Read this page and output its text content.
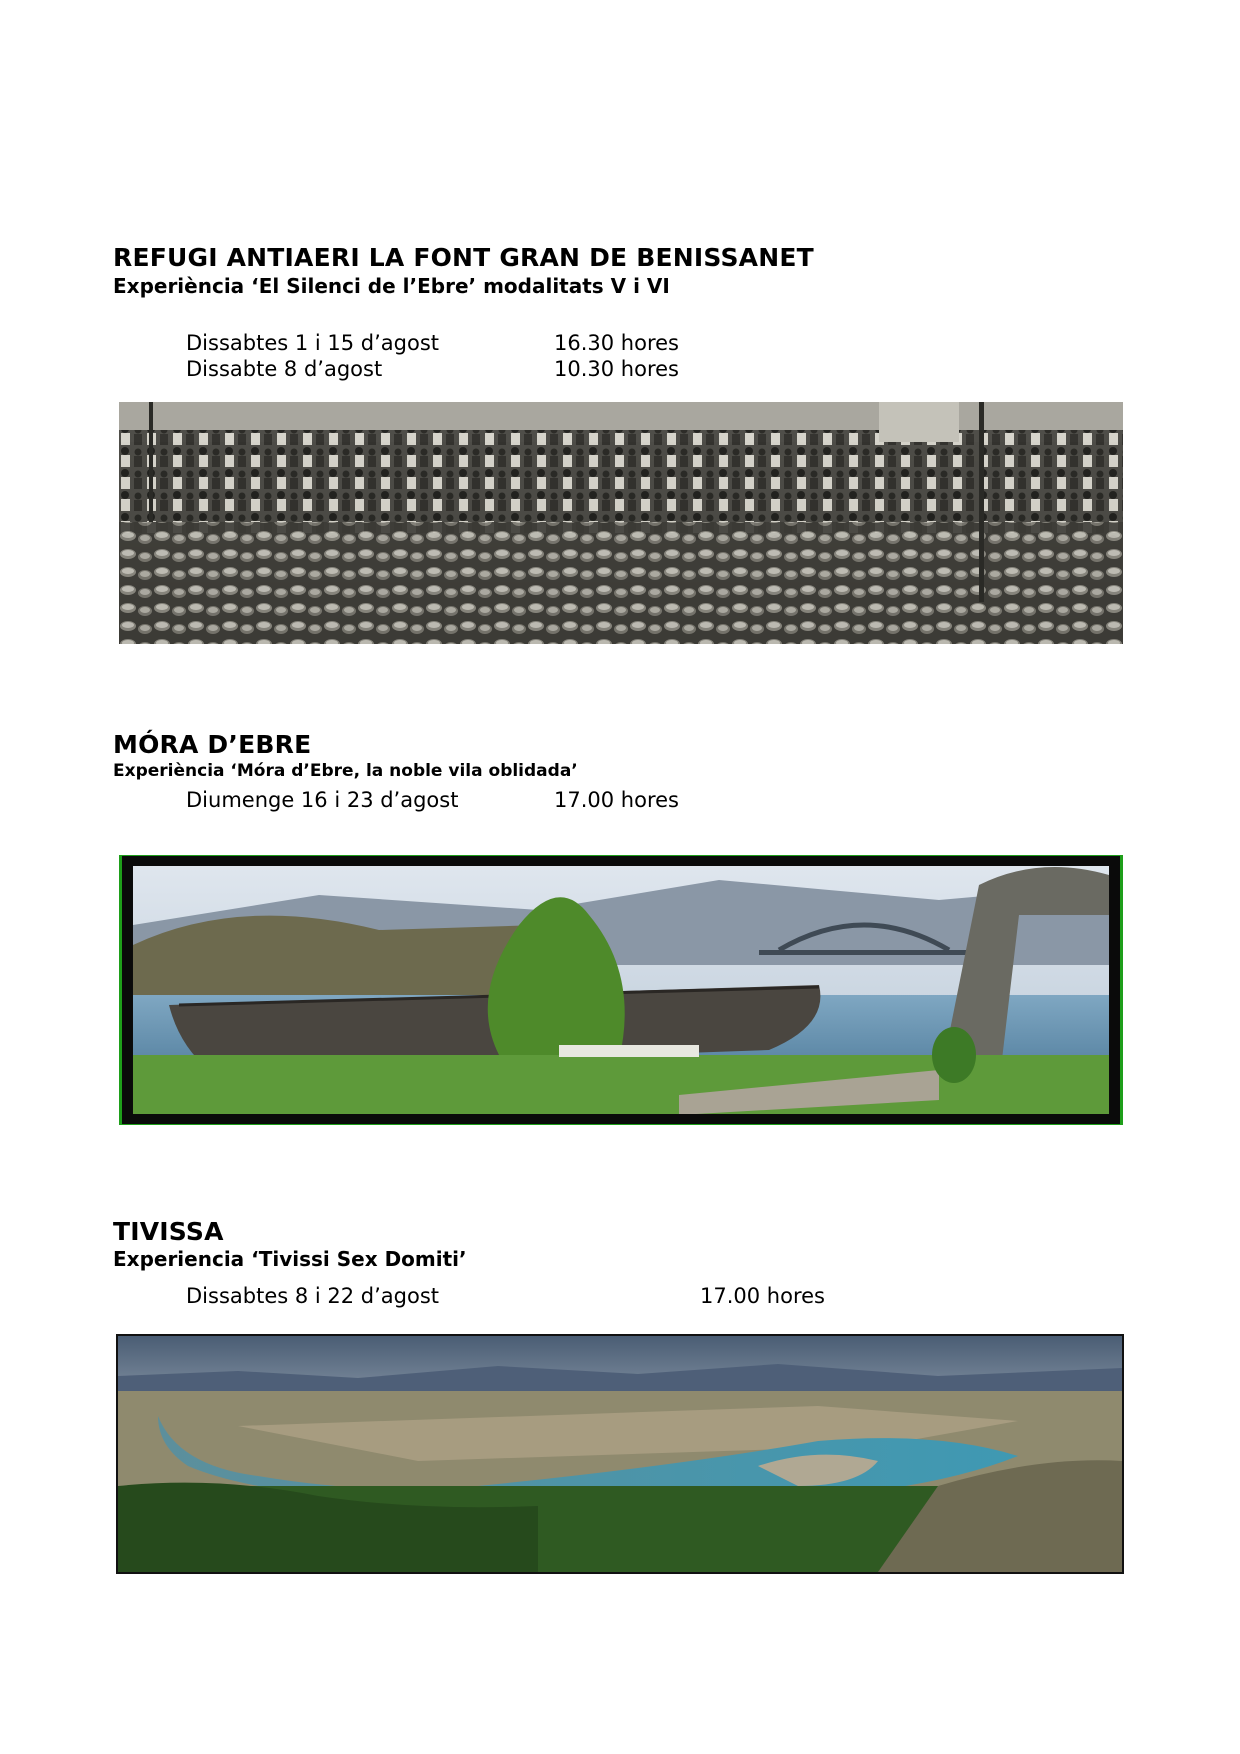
REFUGI ANTIAERI LA FONT GRAN DE BENISSANET
Experiència ‘El Silenci de l’Ebre’ modalitats V i VI
Dissabtes 1 i 15 d’agost	16.30 hores
Dissabte 8 d’agost	10.30 hores
MÓRA D’EBRE
Experiència ‘Móra d’Ebre, la noble vila oblidada’
Diumenge 16 i 23 d’agost	17.00 hores
TIVISSA
Experiencia ‘Tivissi Sex Domiti’
Dissabtes 8 i 22 d’agost	17.00 hores
